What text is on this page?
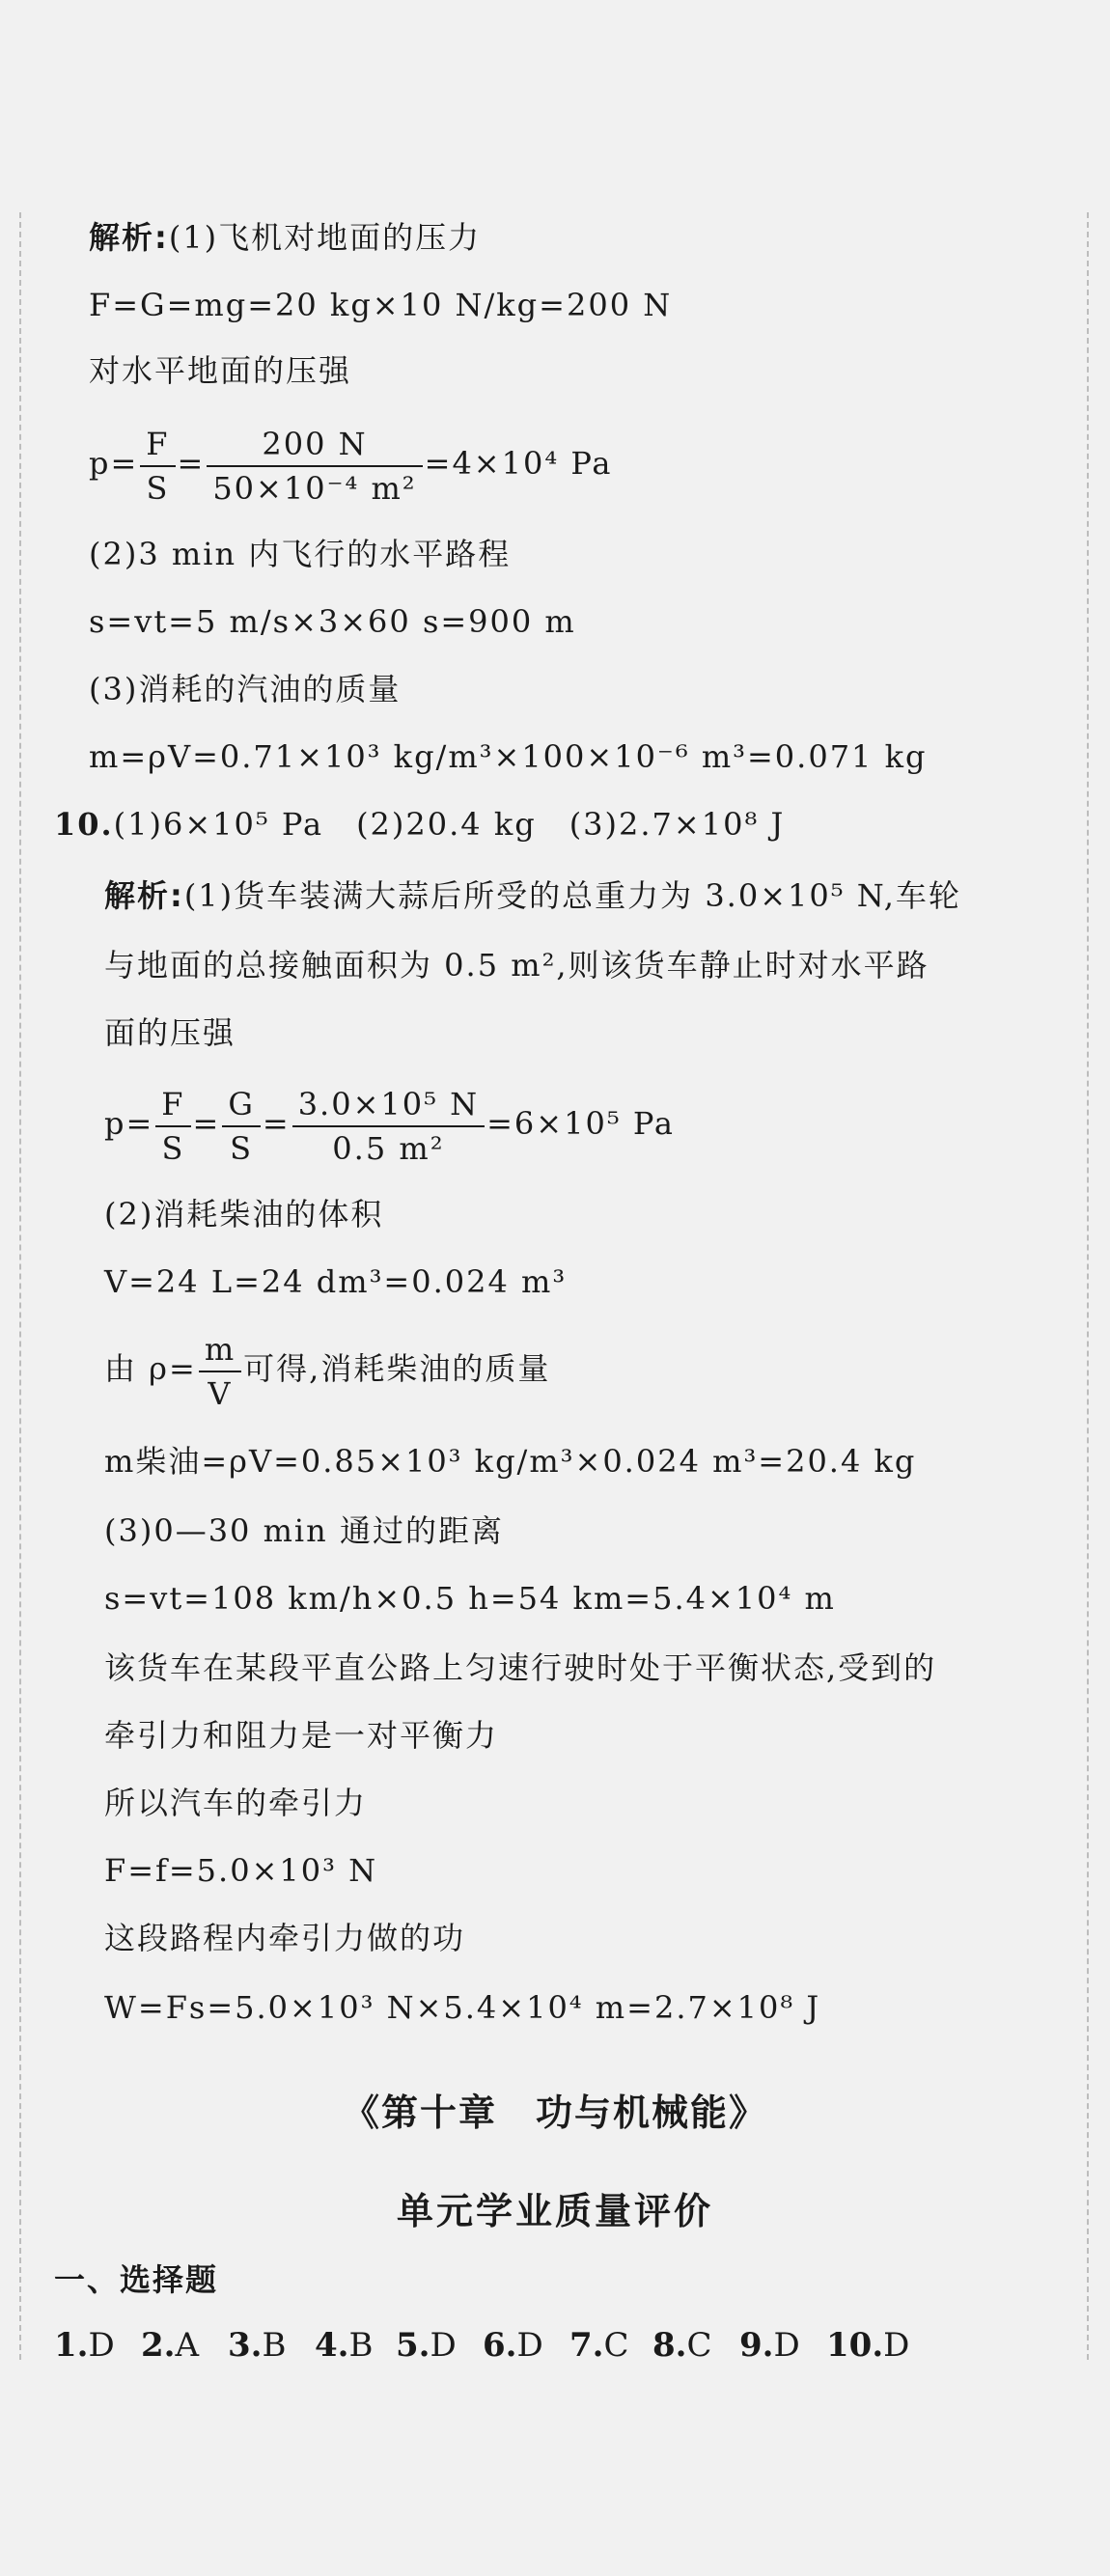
解析:(1)飞机对地面的压力
F=G=mg=20 kg×10 N/kg=200 N
对水平地面的压强
$p= \frac{F}{S} = \frac{200 N}{\text{50×10⁻⁴ m²}} =4\times 10^4$ Pa
(2)3 min 内飞行的水平路程
s=vt=5 m/s×3×60 s=900 m
(3)消耗的汽油的质量
m=ρV=0.71×10³ kg/m³×100×10⁻⁶ m³=0.071 kg
10.(1)6×10⁵ Pa　(2)20.4 kg　(3)2.7×10⁸ J
解析:(1)货车装满大蒜后所受的总重力为 3.0×10⁵ N,车轮
与地面的总接触面积为 0.5 m²,则该货车静止时对水平路
面的压强
$p= \frac{F}{S} = \frac{G}{S} = \frac{\text{3.0×10⁵ N}}{\text{0.5 m²}} =6\times 10^5$ Pa
(2)消耗柴油的体积
V=24 L=24 dm³=0.024 m³
由 $\rho= \frac{m}{V}$ 可得,消耗柴油的质量
m柴油=ρV=0.85×10³ kg/m³×0.024 m³=20.4 kg
(3)0—30 min 通过的距离
s=vt=108 km/h×0.5 h=54 km=5.4×10⁴ m
该货车在某段平直公路上匀速行驶时处于平衡状态,受到的
牵引力和阻力是一对平衡力
所以汽车的牵引力
F=f=5.0×10³ N
这段路程内牵引力做的功
W=Fs=5.0×10³ N×5.4×10⁴ m=2.7×10⁸ J
《第十章　功与机械能》
单元学业质量评价
一、选择题
1.D 2.A 3.B 4.B 5.D 6.D 7.C 8.C 9.D 10.D
